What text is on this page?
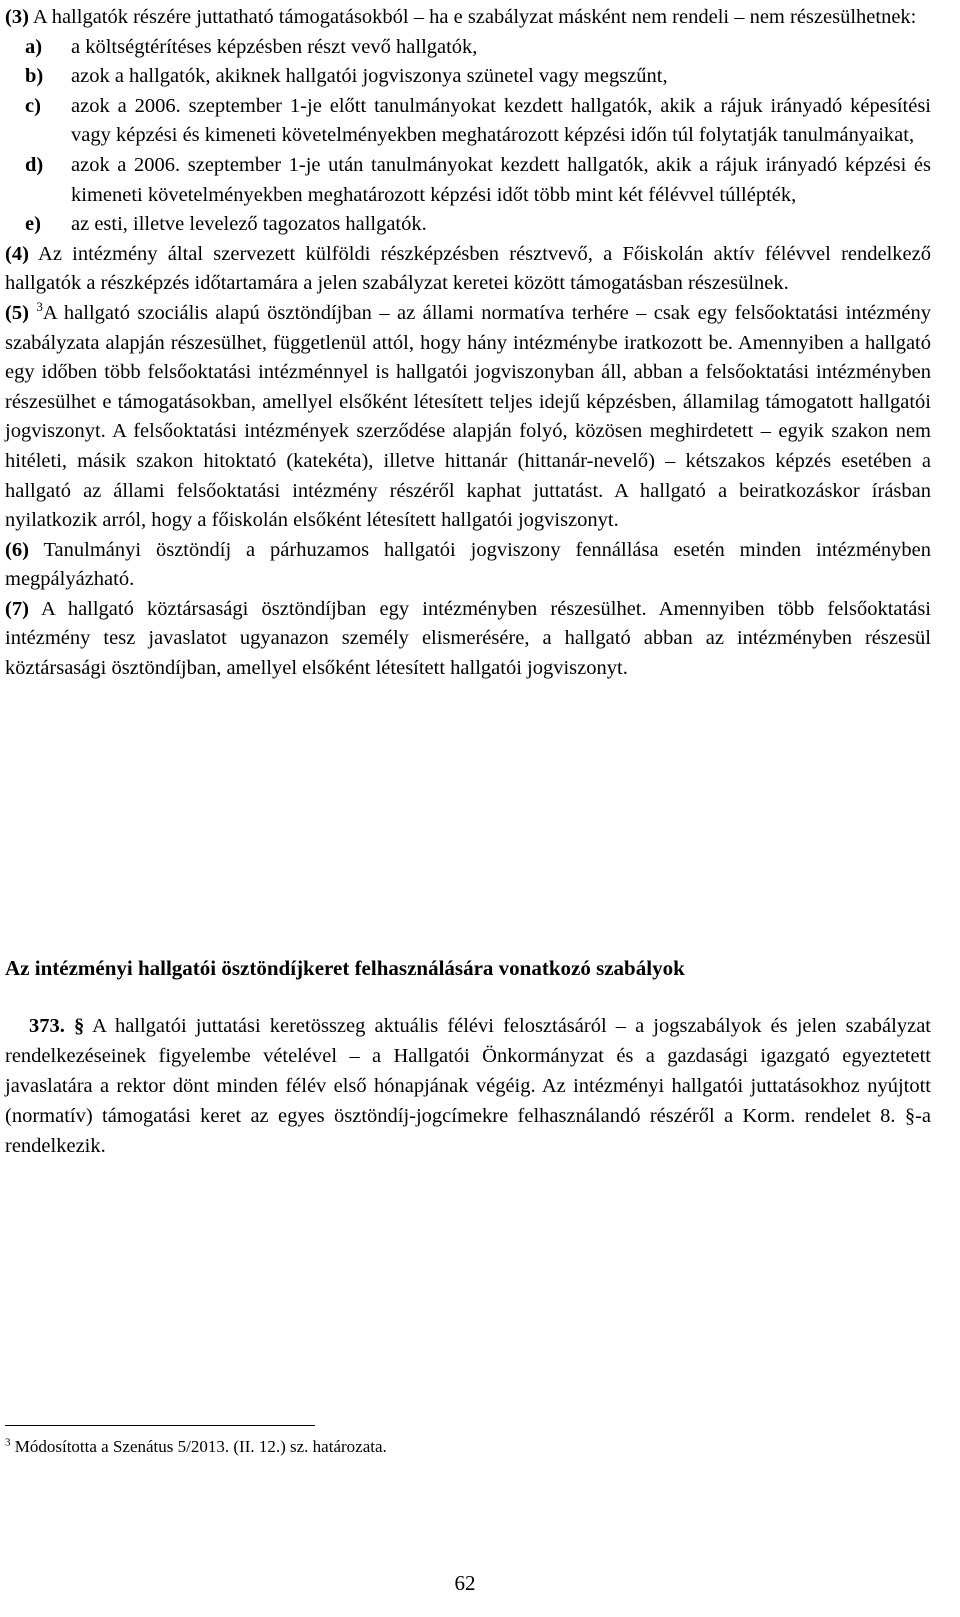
(3) A hallgatók részére juttatható támogatásokból – ha e szabályzat másként nem rendeli – nem részesülhetnek:

a)	a költségtérítéses képzésben részt vevő hallgatók,
b)	azok a hallgatók, akiknek hallgatói jogviszonya szünetel vagy megszűnt,
c)	azok a 2006. szeptember 1-je előtt tanulmányokat kezdett hallgatók, akik a rájuk irányadó képesítési vagy képzési és kimeneti követelményekben meghatározott képzési időn túl folytatják tanulmányaikat,
d)	azok a 2006. szeptember 1-je után tanulmányokat kezdett hallgatók, akik a rájuk irányadó képzési és kimeneti követelményekben meghatározott képzési időt több mint két félévvel túllépték,
e)	az esti, illetve levelező tagozatos hallgatók.

(4) Az intézmény által szervezett külföldi részképzésben résztvevő, a Főiskolán aktív félévvel rendelkező hallgatók a részképzés időtartamára a jelen szabályzat keretei között támogatásban részesülnek.

(5) $^3$A hallgató szociális alapú ösztöndíjban – az állami normatíva terhére – csak egy felsőoktatási intézmény szabályzata alapján részesülhet, függetlenül attól, hogy hány intézménybe iratkozott be. Amennyiben a hallgató egy időben több felsőoktatási intézménnyel is hallgatói jogviszonyban áll, abban a felsőoktatási intézményben részesülhet e támogatásokban, amellyel elsőként létesített teljes idejű képzésben, államilag támogatott hallgatói jogviszonyt. A felsőoktatási intézmények szerződése alapján folyó, közösen meghirdetett – egyik szakon nem hitéleti, másik szakon hitoktató (katekéta), illetve hittanár (hittanár-nevelő) – kétszakos képzés esetében a hallgató az állami felsőoktatási intézmény részéről kaphat juttatást. A hallgató a beiratkozáskor írásban nyilatkozik arról, hogy a főiskolán elsőként létesített hallgatói jogviszonyt.

(6) Tanulmányi ösztöndíj a párhuzamos hallgatói jogviszony fennállása esetén minden intézményben megpályázható.

(7) A hallgató köztársasági ösztöndíjban egy intézményben részesülhet. Amennyiben több felsőoktatási intézmény tesz javaslatot ugyanazon személy elismerésére, a hallgató abban az intézményben részesül köztársasági ösztöndíjban, amellyel elsőként létesített hallgatói jogviszonyt.

Az intézményi hallgatói ösztöndíjkeret felhasználására vonatkozó szabályok

373. § A hallgatói juttatási keretösszeg aktuális félévi felosztásáról – a jogszabályok és jelen szabályzat rendelkezéseinek figyelembe vételével – a Hallgatói Önkormányzat és a gazdasági igazgató egyeztetett javaslatára a rektor dönt minden félév első hónapjának végéig. Az intézményi hallgatói juttatásokhoz nyújtott (normatív) támogatási keret az egyes ösztöndíj-jogcímekre felhasználandó részéről a Korm. rendelet 8. §-a rendelkezik.

$^3$ Módosította a Szenátus 5/2013. (II. 12.) sz. határozata.
62
